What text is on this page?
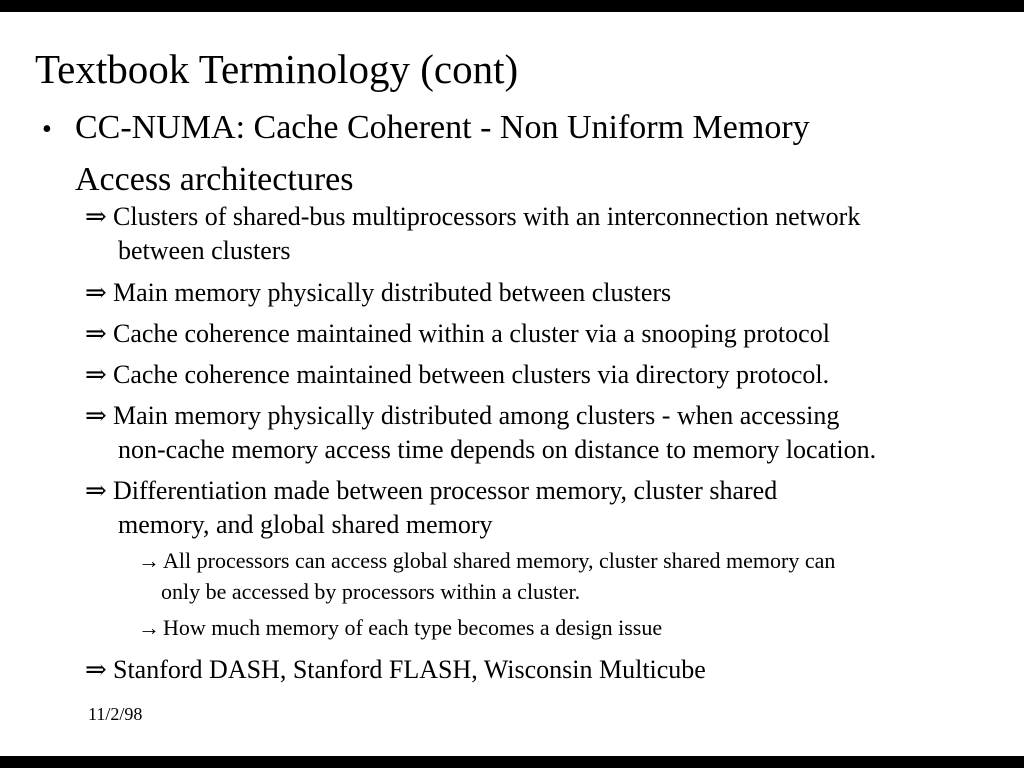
Textbook Terminology (cont)
• CC-NUMA: Cache Coherent - Non Uniform Memory
Access architectures
⇒ Clusters of shared-bus multiprocessors with an interconnection network
between clusters
⇒ Main memory physically distributed between clusters
⇒ Cache coherence maintained within a cluster via a snooping protocol
⇒ Cache coherence maintained between clusters via directory protocol.
⇒ Main memory physically distributed among clusters - when accessing
non-cache memory access time depends on distance to memory location.
⇒ Differentiation made between processor memory, cluster shared
memory, and global shared memory
→ All processors can access global shared memory, cluster shared memory can
only be accessed by processors within a cluster.
→ How much memory of each type becomes a design issue
⇒ Stanford DASH, Stanford FLASH, Wisconsin Multicube
11/2/98
